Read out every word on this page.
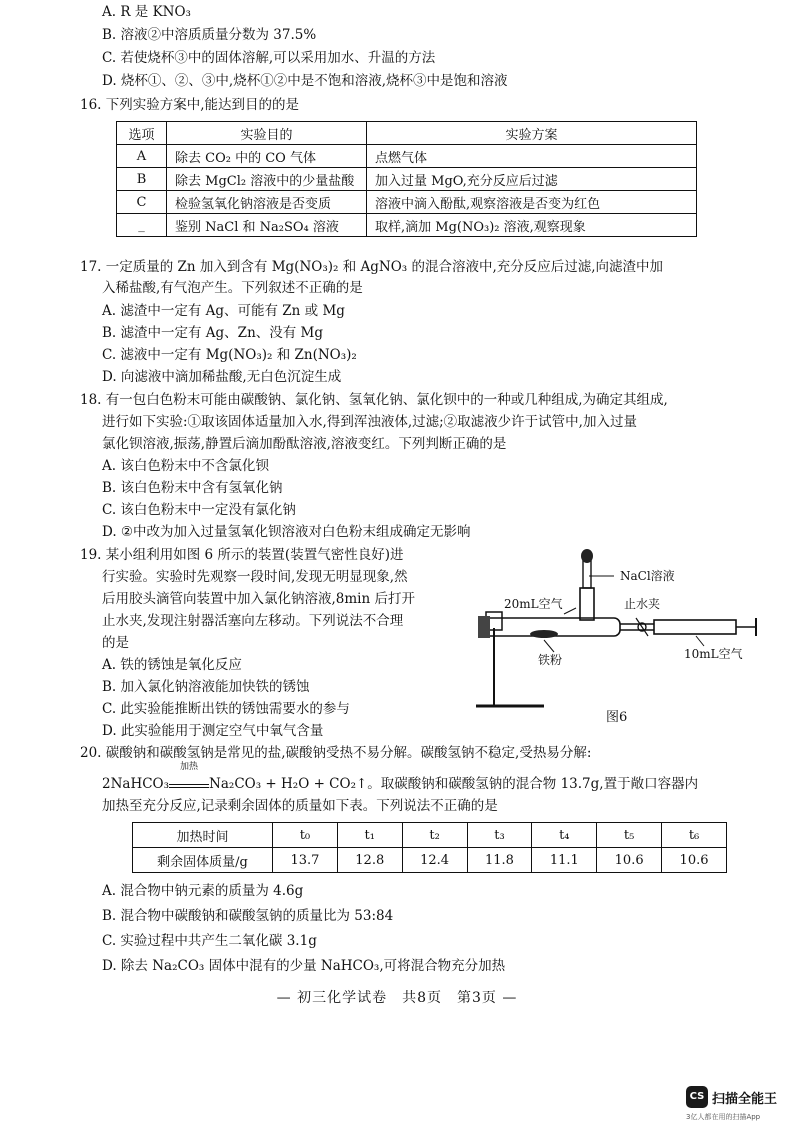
A. R 是 KNO₃
B. 溶液②中溶质质量分数为 37.5%
C. 若使烧杯③中的固体溶解,可以采用加水、升温的方法
D. 烧杯①、②、③中,烧杯①②中是不饱和溶液,烧杯③中是饱和溶液
16. 下列实验方案中,能达到目的的是
选项	实验目的	实验方案
A	除去 CO₂ 中的 CO 气体	点燃气体
B	除去 MgCl₂ 溶液中的少量盐酸	加入过量 MgO,充分反应后过滤
C	检验氢氧化钠溶液是否变质	溶液中滴入酚酞,观察溶液是否变为红色
_	鉴别 NaCl 和 Na₂SO₄ 溶液	取样,滴加 Mg(NO₃)₂ 溶液,观察现象
17. 一定质量的 Zn 加入到含有 Mg(NO₃)₂ 和 AgNO₃ 的混合溶液中,充分反应后过滤,向滤渣中加
入稀盐酸,有气泡产生。下列叙述不正确的是
A. 滤渣中一定有 Ag、可能有 Zn 或 Mg
B. 滤渣中一定有 Ag、Zn、没有 Mg
C. 滤液中一定有 Mg(NO₃)₂ 和 Zn(NO₃)₂
D. 向滤液中滴加稀盐酸,无白色沉淀生成
18. 有一包白色粉末可能由碳酸钠、氯化钠、氢氧化钠、氯化钡中的一种或几种组成,为确定其组成,
进行如下实验:①取该固体适量加入水,得到浑浊液体,过滤;②取滤液少许于试管中,加入过量
氯化钡溶液,振荡,静置后滴加酚酞溶液,溶液变红。下列判断正确的是
A. 该白色粉末中不含氯化钡
B. 该白色粉末中含有氢氧化钠
C. 该白色粉末中一定没有氯化钠
D. ②中改为加入过量氢氧化钡溶液对白色粉末组成确定无影响
19. 某小组利用如图 6 所示的装置(装置气密性良好)进
行实验。实验时先观察一段时间,发现无明显现象,然
后用胶头滴管向装置中加入氯化钠溶液,8min 后打开
止水夹,发现注射器活塞向左移动。下列说法不合理
的是
A. 铁的锈蚀是氧化反应
B. 加入氯化钠溶液能加快铁的锈蚀
C. 此实验能推断出铁的锈蚀需要水的参与
D. 此实验能用于测定空气中氧气含量
NaCl溶液
20mL空气	止水夹
铁粉	10mL空气
图6
20. 碳酸钠和碳酸氢钠是常见的盐,碳酸钠受热不易分解。碳酸氢钠不稳定,受热易分解:
2NaHCO₃
加热
Na₂CO₃ + H₂O + CO₂↑。取碳酸钠和碳酸氢钠的混合物 13.7g,置于敞口容器内
加热至充分反应,记录剩余固体的质量如下表。下列说法不正确的是
加热时间	t₀	t₁	t₂	t₃	t₄	t₅	t₆
剩余固体质量/g	13.7	12.8	12.4	11.8	11.1	10.6	10.6
A. 混合物中钠元素的质量为 4.6g
B. 混合物中碳酸钠和碳酸氢钠的质量比为 53:84
C. 实验过程中共产生二氧化碳 3.1g
D. 除去 Na₂CO₃ 固体中混有的少量 NaHCO₃,可将混合物充分加热
— 初三化学试卷　共8页　第3页 —
CS 扫描全能王
3亿人都在用的扫描App
